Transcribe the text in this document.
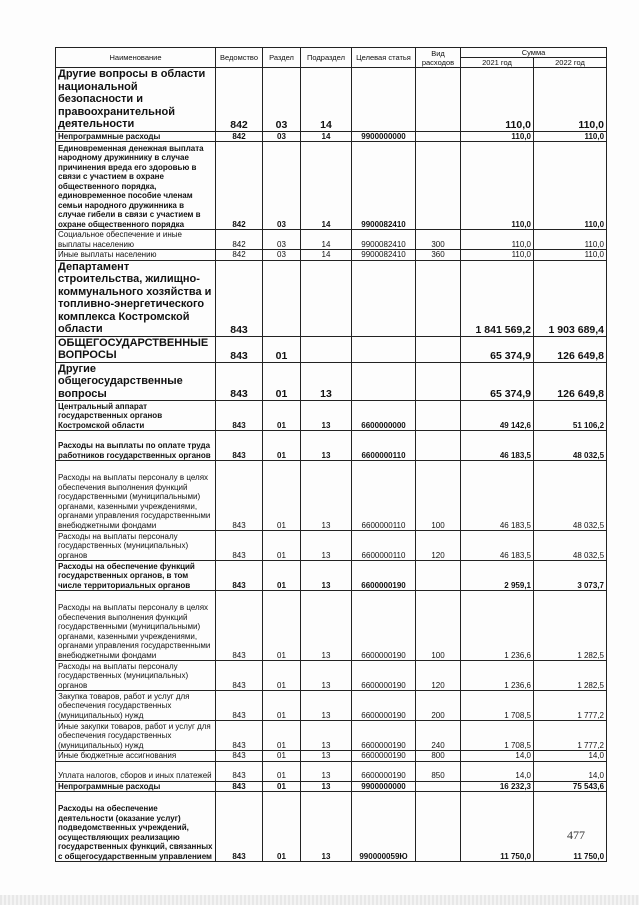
Наименование	Ведомство	Раздел	Подраздел	Целевая статья	Вид расходов	Сумма	
						2021 год	2022 год
Другие вопросы в области национальной безопасности и правоохранительной деятельности	842	03	14			110,0	110,0
Непрограммные расходы	842	03	14	9900000000		110,0	110,0
Единовременная денежная выплата народному дружиннику в случае причинения вреда его здоровью в связи с участием в охране общественного порядка, единовременное пособие членам семьи народного дружинника в случае гибели в связи с участием в охране общественного порядка	842	03	14	9900082410		110,0	110,0
Социальное обеспечение и иные выплаты населению	842	03	14	9900082410	300	110,0	110,0
Иные выплаты населению	842	03	14	9900082410	360	110,0	110,0
Департамент строительства, жилищно-коммунального хозяйства и топливно-энергетического комплекса Костромской области	843					1 841 569,2	1 903 689,4
ОБЩЕГОСУДАРСТВЕННЫЕ ВОПРОСЫ	843	01				65 374,9	126 649,8
Другие общегосударственные вопросы	843	01	13			65 374,9	126 649,8
Центральный аппарат государственных органов Костромской области	843	01	13	6600000000		49 142,6	51 106,2
Расходы на выплаты по оплате труда работников государственных органов	843	01	13	6600000110		46 183,5	48 032,5
Расходы на выплаты персоналу в целях обеспечения выполнения функций государственными (муниципальными) органами, казенными учреждениями, органами управления государственными внебюджетными фондами	843	01	13	6600000110	100	46 183,5	48 032,5
Расходы на выплаты персоналу государственных (муниципальных) органов	843	01	13	6600000110	120	46 183,5	48 032,5
Расходы на обеспечение функций государственных органов, в том числе территориальных органов	843	01	13	6600000190		2 959,1	3 073,7
Расходы на выплаты персоналу в целях обеспечения выполнения функций государственными (муниципальными) органами, казенными учреждениями, органами управления государственными внебюджетными фондами	843	01	13	6600000190	100	1 236,6	1 282,5
Расходы на выплаты персоналу государственных (муниципальных) органов	843	01	13	6600000190	120	1 236,6	1 282,5
Закупка товаров, работ и услуг для обеспечения государственных (муниципальных) нужд	843	01	13	6600000190	200	1 708,5	1 777,2
Иные закупки товаров, работ и услуг для обеспечения государственных (муниципальных) нужд	843	01	13	6600000190	240	1 708,5	1 777,2
Иные бюджетные ассигнования	843	01	13	6600000190	800	14,0	14,0
Уплата налогов, сборов и иных платежей	843	01	13	6600000190	850	14,0	14,0
Непрограммные расходы	843	01	13	9900000000		16 232,3	75 543,6
Расходы на обеспечение деятельности (оказание услуг) подведомственных учреждений, осуществляющих реализацию государственных функций, связанных с общегосударственным управлением	843	01	13	990000059Ю		11 750,0	11 750,0
477
